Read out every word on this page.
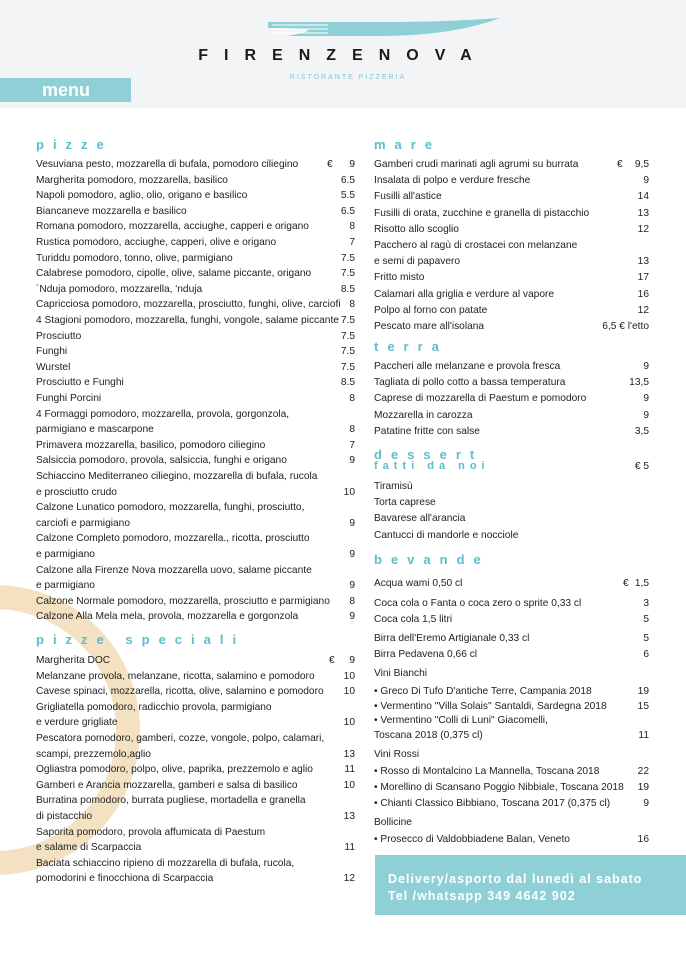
FIRENZENOVA
RISTORANTE PIZZERIA
menu
pizze
Vesuviana pesto, mozzarella di bufala, pomodoro ciliegino	9
€
Margherita pomodoro, mozzarella, basilico	6.5
Napoli pomodoro, aglio, olio, origano e basilico	5.5
Biancaneve mozzarella e basilico	6.5
Romana pomodoro, mozzarella, acciughe, capperi e origano	8
Rustica pomodoro, acciughe, capperi, olive e origano	7
Turiddu pomodoro, tonno, olive, parmigiano	7.5
Calabrese pomodoro, cipolle, olive, salame piccante, origano	7.5
´Nduja pomodoro, mozzarella, 'nduja	8.5
Capricciosa pomodoro, mozzarella, prosciutto, funghi, olive, carciofi 8
4 Stagioni pomodoro, mozzarella, funghi, vongole, salame piccante 7.5
Prosciutto	7.5
Funghi	7.5
Wurstel	7.5
Prosciutto e Funghi	8.5
Funghi Porcini	8
4 Formaggi pomodoro, mozzarella, provola, gorgonzola,
parmigiano e mascarpone	8
Primavera mozzarella, basilico, pomodoro ciliegino	7
Salsiccia pomodoro, provola, salsiccia, funghi e origano	9
Schiaccino Mediterraneo ciliegino, mozzarella di bufala, rucola
e prosciutto crudo	10
Calzone Lunatico pomodoro, mozzarella, funghi, prosciutto,
carciofi e parmigiano	9
Calzone Completo pomodoro, mozzarella., ricotta, prosciutto
e parmigiano	9
Calzone alla Firenze Nova mozzarella uovo, salame piccante
e parmigiano	9
Calzone Normale pomodoro, mozzarella, prosciutto e parmigiano 8
Calzone Alla Mela mela, provola, mozzarella e gorgonzola	9
pizze speciali
Margherita DOC	9
€
Melanzane provola, melanzane, ricotta, salamino e pomodoro	10
Cavese spinaci, mozzarella, ricotta, olive, salamino e pomodoro 10
Grigliatella pomodoro, radicchio provola, parmigiano
e verdure grigliate	10
Pescatora pomodoro, gamberi, cozze, vongole, polpo, calamari,
scampi, prezzemolo,aglio	13
Ogliastra pomodoro, polpo, olive, paprika, prezzemolo e aglio	11
Gamberi e Arancia mozzarella, gamberi e salsa di basilico	10
Burratina pomodoro, burrata pugliese, mortadella e granella
di pistacchio	13
Saporita pomodoro, provola affumicata di Paestum
e salame di Scarpaccia	11
Baciata schiaccino ripieno di mozzarella di bufala, rucola,
pomodorini e finocchiona di Scarpaccia	12
mare
Gamberi crudi marinati agli agrumi su burrata	9,5
€
Insalata di polpo e verdure fresche	9
Fusilli all'astice	14
Fusilli di orata, zucchine e granella di pistacchio	13
Risotto allo scoglio	12
Pacchero al ragù di crostacei con melanzane
e semi di papavero	13
Fritto misto	17
Calamari alla griglia e verdure al vapore	16
Polpo al forno con patate	12
Pescato mare all'isolana	6,5 € l'etto
terra
Paccheri alle melanzane e provola fresca	9
Tagliata di pollo cotto a bassa temperatura	13,5
Caprese di mozzarella di Paestum e pomodoro	9
Mozzarella in carozza	9
Patatine fritte con salse	3,5
dessert
fatti da noi	€ 5
Tiramisù
Torta caprese
Bavarese all'arancia
Cantucci di mandorle e nocciole
bevande
Acqua wami 0,50 cl	1,5
€
Coca cola o Fanta o coca zero o sprite 0,33 cl	3
Coca cola 1,5 litri	5
Birra dell'Eremo Artigianale 0,33 cl	5
Birra Pedavena 0,66 cl	6
Vini Bianchi
• Greco Di Tufo D'antiche Terre, Campania 2018	19
• Vermentino "Villa Solais" Santaldi, Sardegna 2018	15
• Vermentino "Colli di Luni" Giacomelli,
Toscana 2018 (0,375 cl)	11
Vini Rossi
• Rosso di Montalcino La Mannella, Toscana 2018	22
• Morellino di Scansano Poggio Nibbiale, Toscana 2018 19
• Chianti Classico Bibbiano, Toscana 2017 (0,375 cl)	9
Bollicine
• Prosecco di Valdobbiadene Balan, Veneto	16
Delivery/asporto dal lunedì al sabato
Tel /whatsapp 349 4642 902
